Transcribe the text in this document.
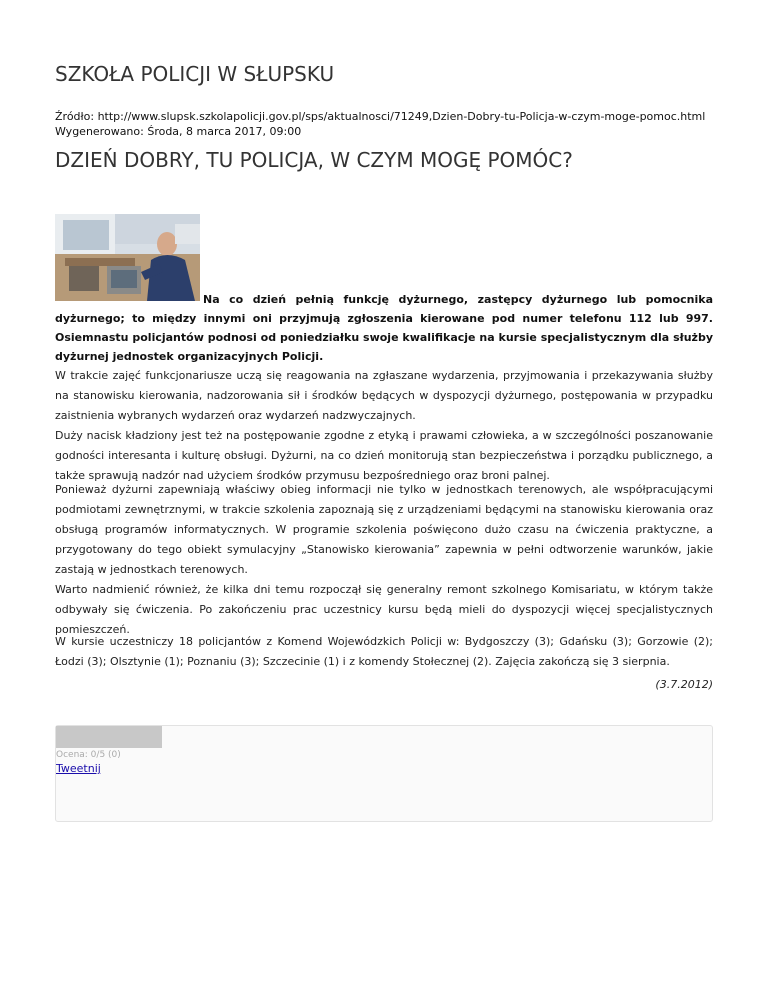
SZKOŁA POLICJI W SŁUPSKU
Źródło: http://www.slupsk.szkolapolicji.gov.pl/sps/aktualnosci/71249,Dzien-Dobry-tu-Policja-w-czym-moge-pomoc.html
Wygenerowano: Środa, 8 marca 2017, 09:00
DZIEŃ DOBRY, TU POLICJA, W CZYM MOGĘ POMÓC?
Na co dzień pełnią funkcję dyżurnego, zastępcy dyżurnego lub pomocnika dyżurnego; to między innymi oni przyjmują zgłoszenia kierowane pod numer telefonu 112 lub 997. Osiemnastu policjantów podnosi od poniedziałku swoje kwalifikacje na kursie specjalistycznym dla służby dyżurnej jednostek organizacyjnych Policji.
W trakcie zajęć funkcjonariusze uczą się reagowania na zgłaszane wydarzenia, przyjmowania i przekazywania służby na stanowisku kierowania, nadzorowania sił i środków będących w dyspozycji dyżurnego, postępowania w przypadku zaistnienia wybranych wydarzeń oraz wydarzeń nadzwyczajnych.
Duży nacisk kładziony jest też na postępowanie zgodne z etyką i prawami człowieka, a w szczególności poszanowanie godności interesanta i kulturę obsługi. Dyżurni, na co dzień monitorują stan bezpieczeństwa i porządku publicznego, a także sprawują nadzór nad użyciem środków przymusu bezpośredniego oraz broni palnej.
Ponieważ dyżurni zapewniają właściwy obieg informacji nie tylko w jednostkach terenowych, ale współpracującymi podmiotami zewnętrznymi, w trakcie szkolenia zapoznają się z urządzeniami będącymi na stanowisku kierowania oraz obsługą programów informatycznych. W programie szkolenia poświęcono dużo czasu na ćwiczenia praktyczne, a przygotowany do tego obiekt symulacyjny „Stanowisko kierowania” zapewnia w pełni odtworzenie warunków, jakie zastają w jednostkach terenowych.
Warto nadmienić również, że kilka dni temu rozpoczął się generalny remont szkolnego Komisariatu, w którym także odbywały się ćwiczenia. Po zakończeniu prac uczestnicy kursu będą mieli do dyspozycji więcej specjalistycznych pomieszczeń.
W kursie uczestniczy 18 policjantów z Komend Wojewódzkich Policji w: Bydgoszczy (3); Gdańsku (3); Gorzowie (2); Łodzi (3); Olsztynie (1); Poznaniu (3); Szczecinie (1) i z komendy Stołecznej (2). Zajęcia zakończą się 3 sierpnia.
(3.7.2012)
Ocena: 0/5 (0)
Tweetnij
